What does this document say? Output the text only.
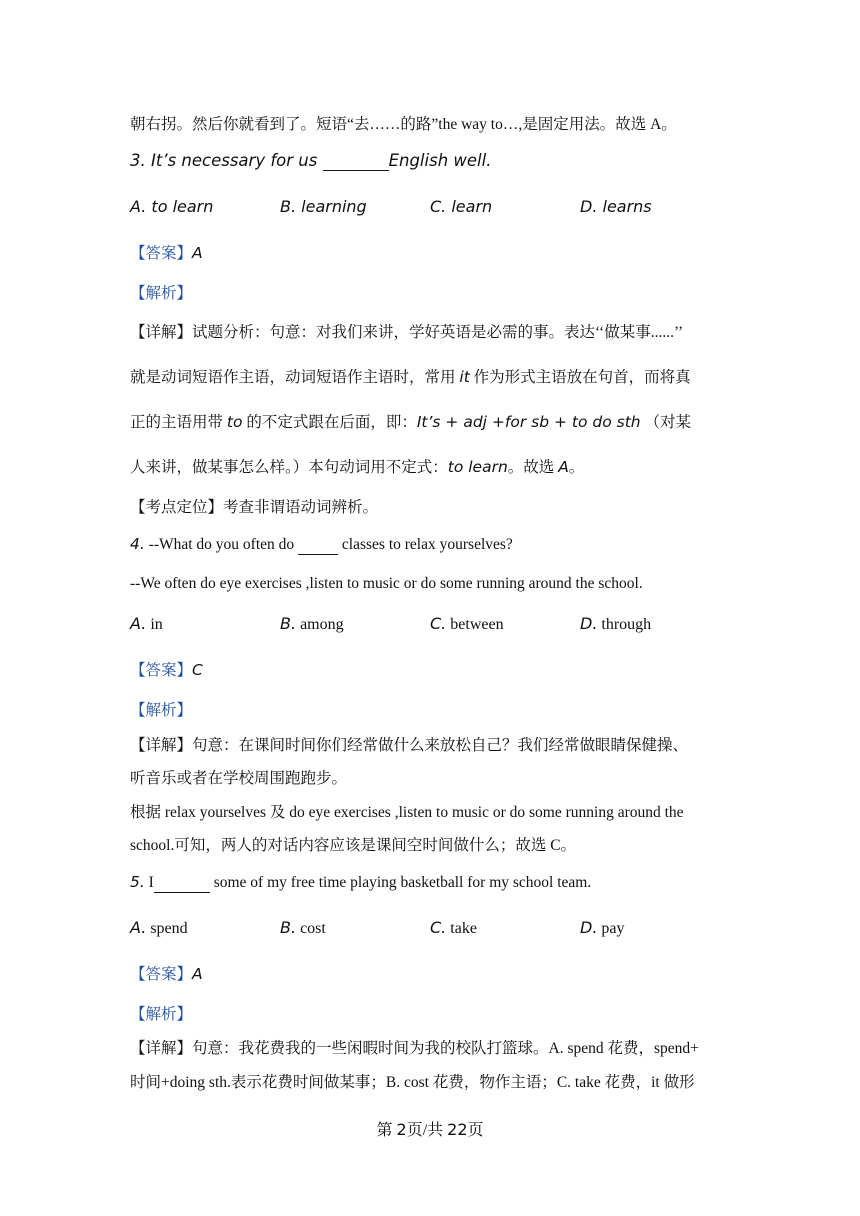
朝右拐。然后你就看到了。短语“去……的路”the way to…,是固定用法。故选 A。
3. It’s necessary for us	English well.
A. to learn	B. learning	C. learn	D. learns
【答案】A
【解析】
【详解】试题分析：句意：对我们来讲，学好英语是必需的事。表达‘‘做某事......’’
就是动词短语作主语，动词短语作主语时，常用 it 作为形式主语放在句首，而将真
正的主语用带 to 的不定式跟在后面，即：It’s + adj +for sb + to do sth （对某
人来讲，做某事怎么样。）本句动词用不定式：to learn。故选 A。
【考点定位】考查非谓语动词辨析。
4. --What do you often do	classes to relax yourselves?
--We often do eye exercises ,listen to music or do some running around the school.
A. in	B. among	C. between	D. through
【答案】C
【解析】
【详解】句意：在课间时间你们经常做什么来放松自己？我们经常做眼睛保健操、
听音乐或者在学校周围跑跑步。
根据 relax yourselves 及 do eye exercises ,listen to music or do some running around the
school.可知，两人的对话内容应该是课间空时间做什么；故选 C。
5. I	some of my free time playing basketball for my school team.
A. spend	B. cost	C. take	D. pay
【答案】A
【解析】
【详解】句意：我花费我的一些闲暇时间为我的校队打篮球。A. spend 花费，spend+
时间+doing sth.表示花费时间做某事；B. cost 花费，物作主语；C. take 花费，it 做形
第 2页/共 22页
